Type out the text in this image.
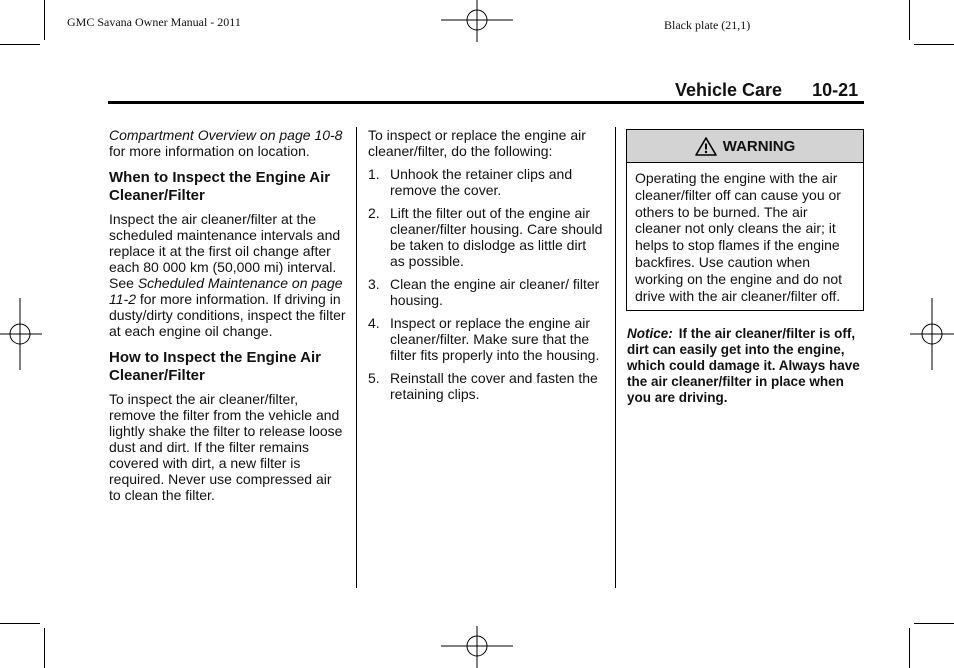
GMC Savana Owner Manual - 2011	Black plate (21,1)
Vehicle Care 10-21

Compartment Overview on page 10-8 for more information on location.

When to Inspect the Engine Air Cleaner/Filter

Inspect the air cleaner/filter at the scheduled maintenance intervals and replace it at the first oil change after each 80 000 km (50,000 mi) interval. See Scheduled Maintenance on page 11-2 for more information. If driving in dusty/dirty conditions, inspect the filter at each engine oil change.

How to Inspect the Engine Air Cleaner/Filter

To inspect the air cleaner/filter, remove the filter from the vehicle and lightly shake the filter to release loose dust and dirt. If the filter remains covered with dirt, a new filter is required. Never use compressed air to clean the filter.

To inspect or replace the engine air cleaner/filter, do the following:

1. Unhook the retainer clips and remove the cover.
2. Lift the filter out of the engine air cleaner/filter housing. Care should be taken to dislodge as little dirt as possible.
3. Clean the engine air cleaner/ filter housing.
4. Inspect or replace the engine air cleaner/filter. Make sure that the filter fits properly into the housing.
5. Reinstall the cover and fasten the retaining clips.
WARNING
Operating the engine with the air cleaner/filter off can cause you or others to be burned. The air cleaner not only cleans the air; it helps to stop flames if the engine backfires. Use caution when working on the engine and do not drive with the air cleaner/filter off.
Notice: If the air cleaner/filter is off, dirt can easily get into the engine, which could damage it. Always have the air cleaner/filter in place when you are driving.
